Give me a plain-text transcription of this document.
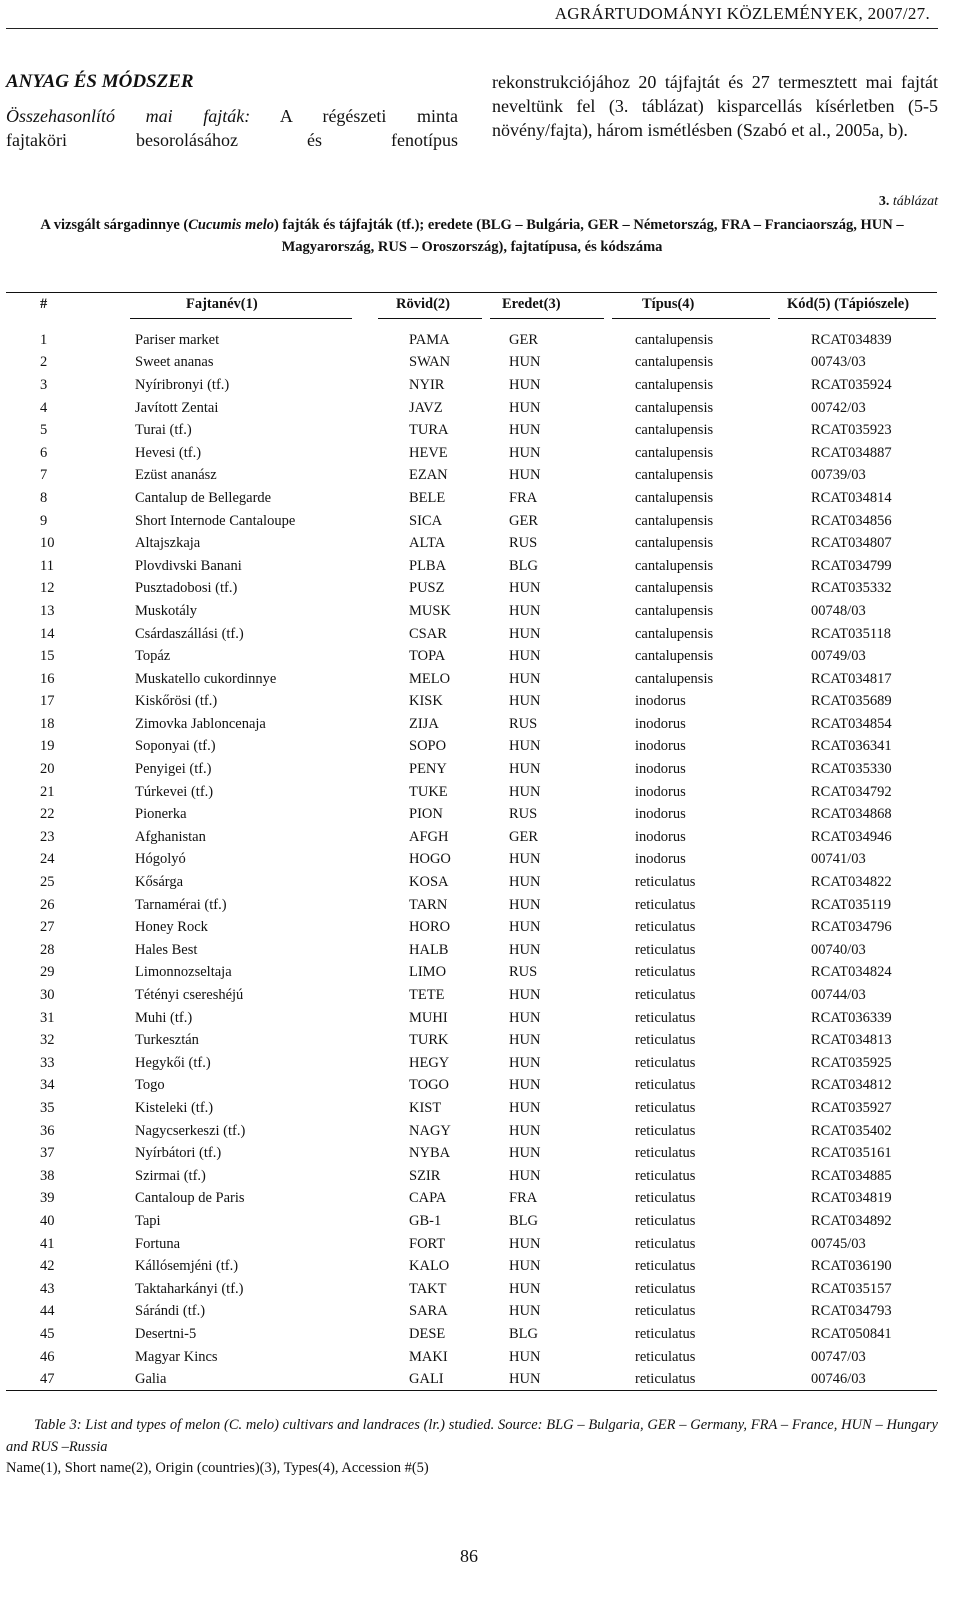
AGRÁRTUDOMÁNYI KÖZLEMÉNYEK, 2007/27.
ANYAG ÉS MÓDSZER
Összehasonlító mai fajták: A régészeti minta
fajtaköri besorolásához és fenotípus
rekonstrukciójához 20 tájfajtát és 27 termesztett mai fajtát neveltünk fel (3. táblázat) kisparcellás kísérletben (5-5 növény/fajta), három ismétlésben (Szabó et al., 2005a, b).
3. táblázat
A vizsgált sárgadinnye (Cucumis melo) fajták és tájfajták (tf.); eredete (BLG – Bulgária, GER – Németország, FRA – Franciaország, HUN – Magyarország, RUS – Oroszország), fajtatípusa, és kódszáma
#	Fajtanév(1)	Rövid(2)	Eredet(3)	Típus(4)	Kód(5) (Tápiószele)
1	Pariser market	PAMA	GER	cantalupensis	RCAT034839
2	Sweet ananas	SWAN	HUN	cantalupensis	00743/03
3	Nyíribronyi (tf.)	NYIR	HUN	cantalupensis	RCAT035924
4	Javított Zentai	JAVZ	HUN	cantalupensis	00742/03
5	Turai (tf.)	TURA	HUN	cantalupensis	RCAT035923
6	Hevesi (tf.)	HEVE	HUN	cantalupensis	RCAT034887
7	Ezüst ananász	EZAN	HUN	cantalupensis	00739/03
8	Cantalup de Bellegarde	BELE	FRA	cantalupensis	RCAT034814
9	Short Internode Cantaloupe	SICA	GER	cantalupensis	RCAT034856
10	Altajszkaja	ALTA	RUS	cantalupensis	RCAT034807
11	Plovdivski Banani	PLBA	BLG	cantalupensis	RCAT034799
12	Pusztadobosi (tf.)	PUSZ	HUN	cantalupensis	RCAT035332
13	Muskotály	MUSK	HUN	cantalupensis	00748/03
14	Csárdaszállási (tf.)	CSAR	HUN	cantalupensis	RCAT035118
15	Topáz	TOPA	HUN	cantalupensis	00749/03
16	Muskatello cukordinnye	MELO	HUN	cantalupensis	RCAT034817
17	Kiskőrösi (tf.)	KISK	HUN	inodorus	RCAT035689
18	Zimovka Jabloncenaja	ZIJA	RUS	inodorus	RCAT034854
19	Soponyai (tf.)	SOPO	HUN	inodorus	RCAT036341
20	Penyigei (tf.)	PENY	HUN	inodorus	RCAT035330
21	Túrkevei (tf.)	TUKE	HUN	inodorus	RCAT034792
22	Pionerka	PION	RUS	inodorus	RCAT034868
23	Afghanistan	AFGH	GER	inodorus	RCAT034946
24	Hógolyó	HOGO	HUN	inodorus	00741/03
25	Kősárga	KOSA	HUN	reticulatus	RCAT034822
26	Tarnamérai (tf.)	TARN	HUN	reticulatus	RCAT035119
27	Honey Rock	HORO	HUN	reticulatus	RCAT034796
28	Hales Best	HALB	HUN	reticulatus	00740/03
29	Limonnozseltaja	LIMO	RUS	reticulatus	RCAT034824
30	Tétényi csereshéjú	TETE	HUN	reticulatus	00744/03
31	Muhi (tf.)	MUHI	HUN	reticulatus	RCAT036339
32	Turkesztán	TURK	HUN	reticulatus	RCAT034813
33	Hegykői (tf.)	HEGY	HUN	reticulatus	RCAT035925
34	Togo	TOGO	HUN	reticulatus	RCAT034812
35	Kisteleki (tf.)	KIST	HUN	reticulatus	RCAT035927
36	Nagycserkeszi (tf.)	NAGY	HUN	reticulatus	RCAT035402
37	Nyírbátori (tf.)	NYBA	HUN	reticulatus	RCAT035161
38	Szirmai (tf.)	SZIR	HUN	reticulatus	RCAT034885
39	Cantaloup de Paris	CAPA	FRA	reticulatus	RCAT034819
40	Tapi	GB-1	BLG	reticulatus	RCAT034892
41	Fortuna	FORT	HUN	reticulatus	00745/03
42	Kállósemjéni (tf.)	KALO	HUN	reticulatus	RCAT036190
43	Taktaharkányi (tf.)	TAKT	HUN	reticulatus	RCAT035157
44	Sárándi (tf.)	SARA	HUN	reticulatus	RCAT034793
45	Desertni-5	DESE	BLG	reticulatus	RCAT050841
46	Magyar Kincs	MAKI	HUN	reticulatus	00747/03
47	Galia	GALI	HUN	reticulatus	00746/03
Table 3: List and types of melon (C. melo) cultivars and landraces (lr.) studied. Source: BLG – Bulgaria, GER – Germany, FRA – France, HUN – Hungary and RUS –Russia
Name(1), Short name(2), Origin (countries)(3), Types(4), Accession #(5)
86
